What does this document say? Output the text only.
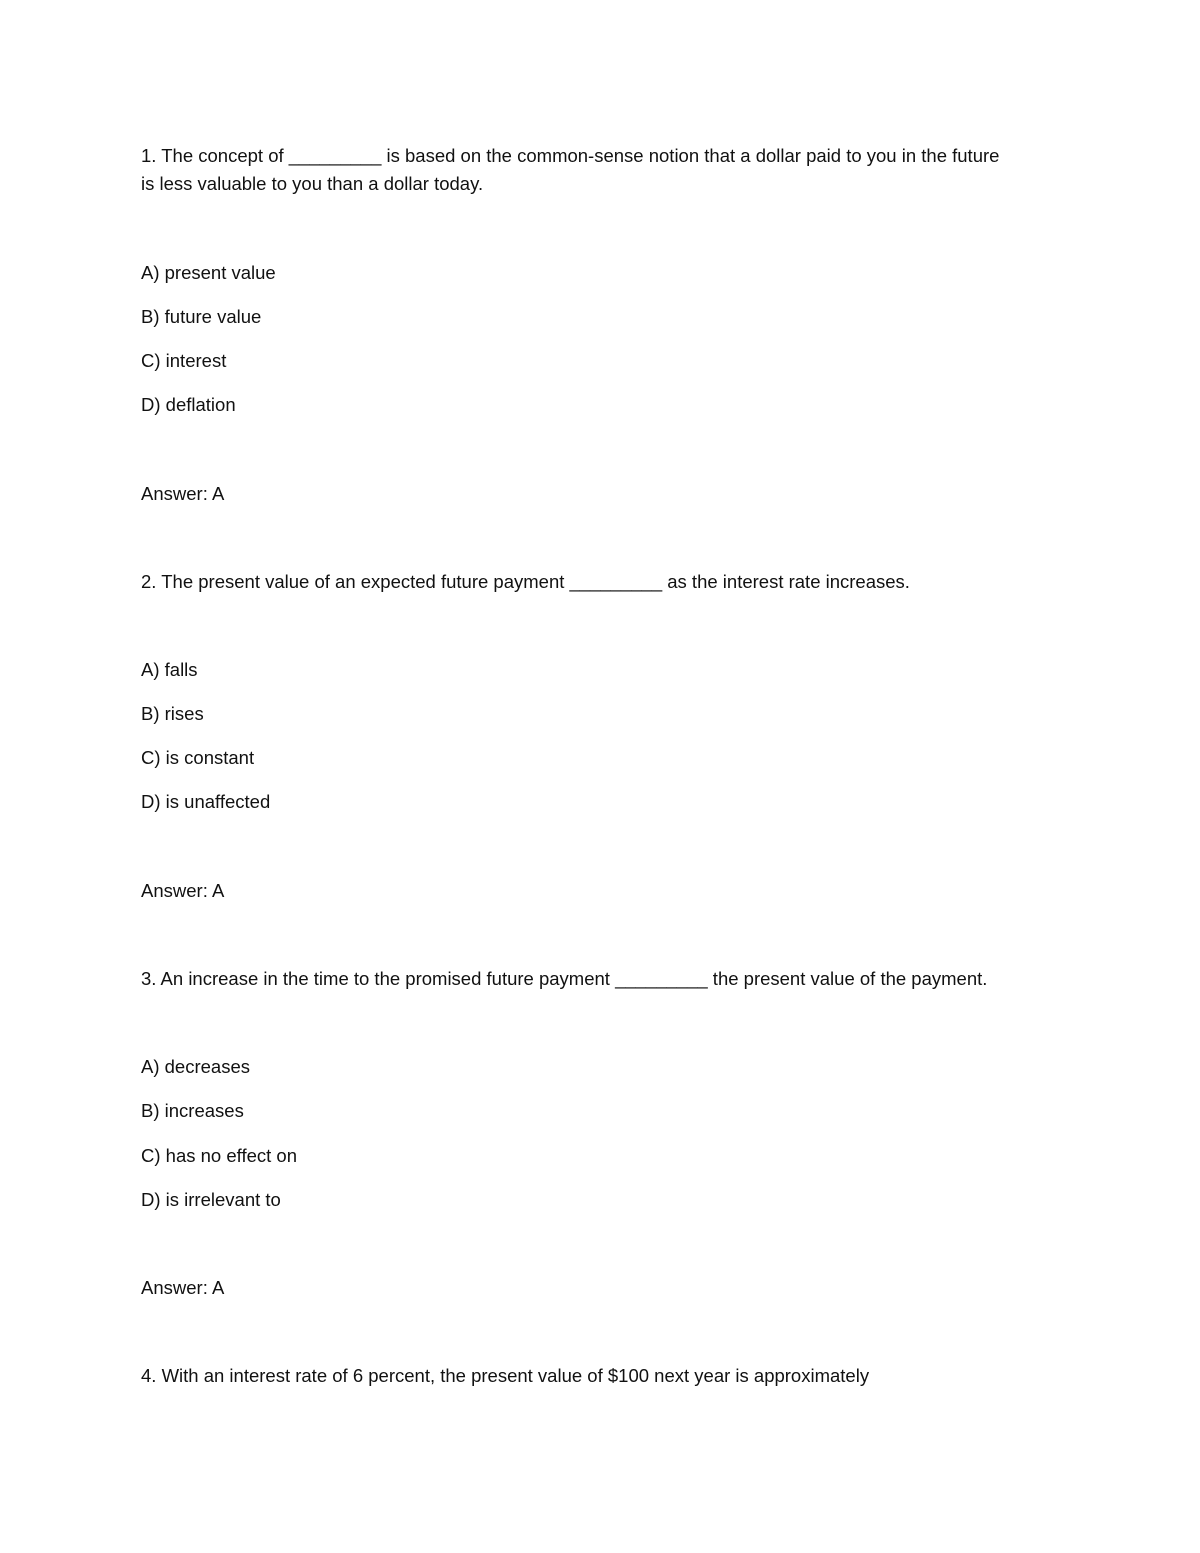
1. The concept of _________ is based on the common-sense notion that a dollar paid to you in the future

is less valuable to you than a dollar today.

A) present value

B) future value

C) interest

D) deflation

Answer: A

2. The present value of an expected future payment _________ as the interest rate increases.

A) falls

B) rises

C) is constant

D) is unaffected

Answer: A

3. An increase in the time to the promised future payment _________ the present value of the payment.

A) decreases

B) increases

C) has no effect on

D) is irrelevant to

Answer: A

4. With an interest rate of 6 percent, the present value of $100 next year is approximately
